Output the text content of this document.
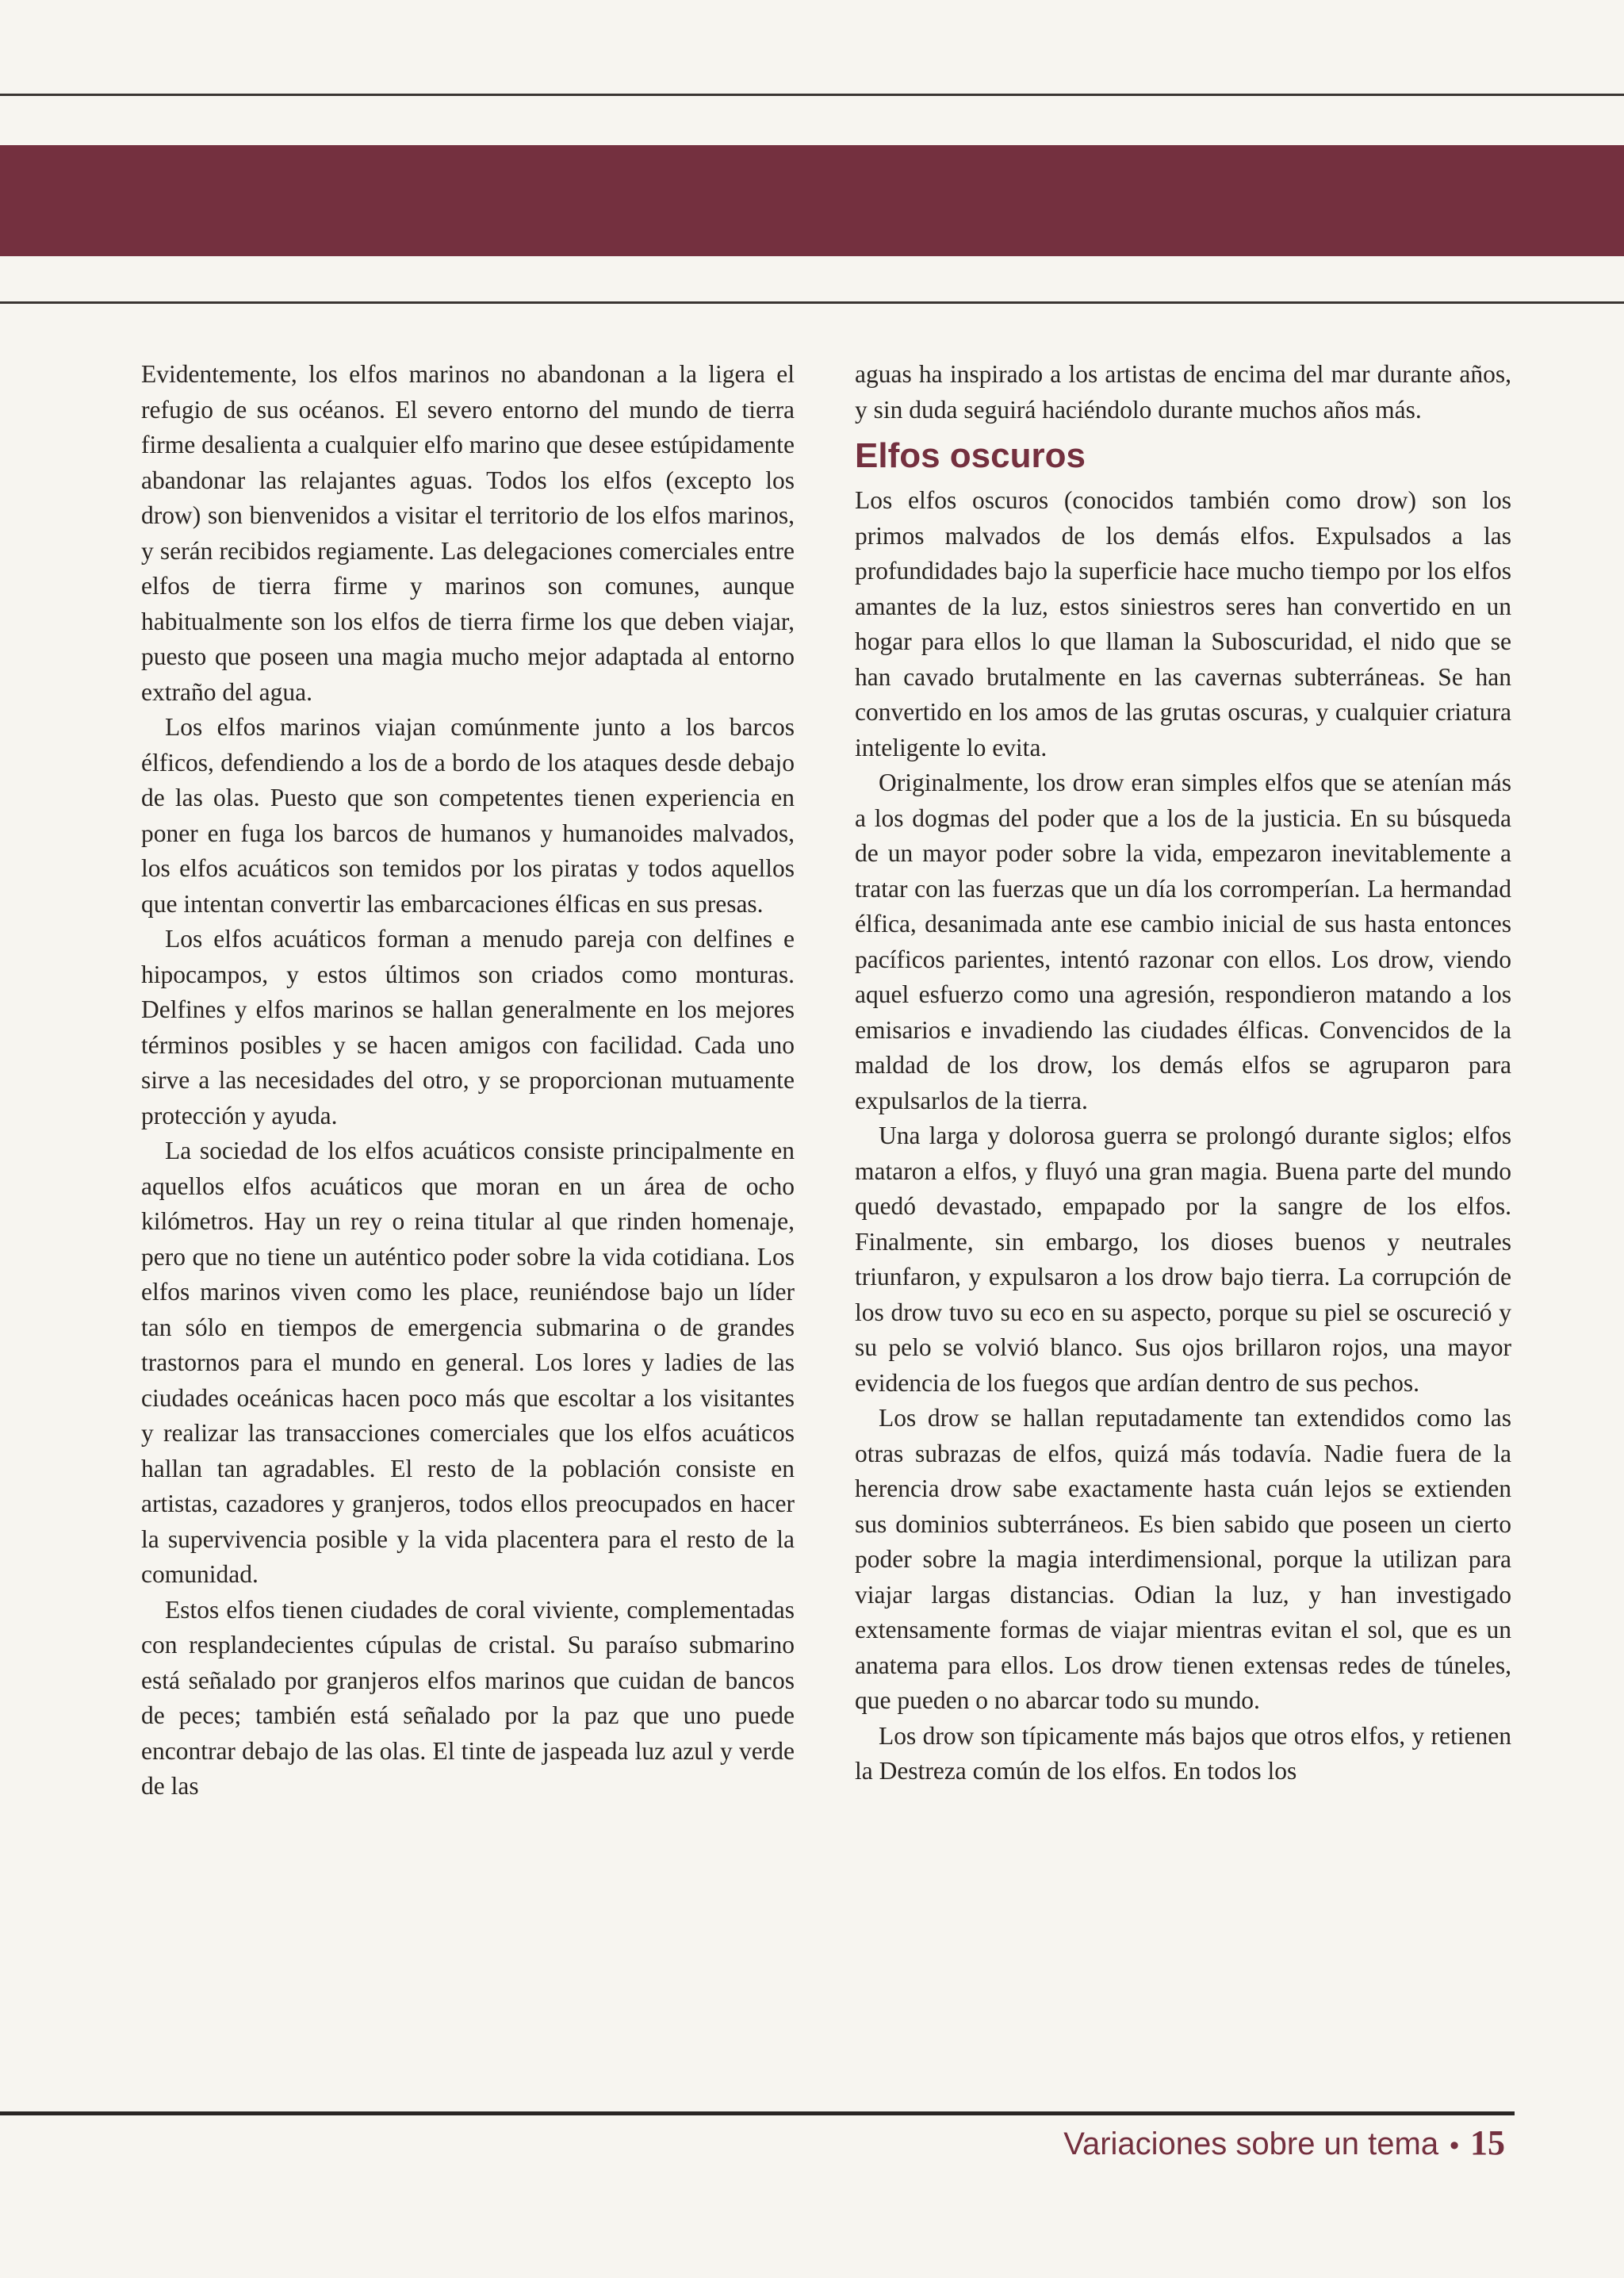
Evidentemente, los elfos marinos no abandonan a la ligera el refugio de sus océanos. El severo entorno del mundo de tierra firme desalienta a cualquier elfo marino que desee estúpidamente abandonar las relajantes aguas. Todos los elfos (excepto los drow) son bienvenidos a visitar el territorio de los elfos marinos, y serán recibidos regiamente. Las delegaciones comerciales entre elfos de tierra firme y marinos son comunes, aunque habitualmente son los elfos de tierra firme los que deben viajar, puesto que poseen una magia mucho mejor adaptada al entorno extraño del agua.

Los elfos marinos viajan comúnmente junto a los barcos élficos, defendiendo a los de a bordo de los ataques desde debajo de las olas. Puesto que son competentes tienen experiencia en poner en fuga los barcos de humanos y humanoides malvados, los elfos acuáticos son temidos por los piratas y todos aquellos que intentan convertir las embarcaciones élficas en sus presas.

Los elfos acuáticos forman a menudo pareja con delfines e hipocampos, y estos últimos son criados como monturas. Delfines y elfos marinos se hallan generalmente en los mejores términos posibles y se hacen amigos con facilidad. Cada uno sirve a las necesidades del otro, y se proporcionan mutuamente protección y ayuda.

La sociedad de los elfos acuáticos consiste principalmente en aquellos elfos acuáticos que moran en un área de ocho kilómetros. Hay un rey o reina titular al que rinden homenaje, pero que no tiene un auténtico poder sobre la vida cotidiana. Los elfos marinos viven como les place, reuniéndose bajo un líder tan sólo en tiempos de emergencia submarina o de grandes trastornos para el mundo en general. Los lores y ladies de las ciudades oceánicas hacen poco más que escoltar a los visitantes y realizar las transacciones comerciales que los elfos acuáticos hallan tan agradables. El resto de la población consiste en artistas, cazadores y granjeros, todos ellos preocupados en hacer la supervivencia posible y la vida placentera para el resto de la comunidad.

Estos elfos tienen ciudades de coral viviente, complementadas con resplandecientes cúpulas de cristal. Su paraíso submarino está señalado por granjeros elfos marinos que cuidan de bancos de peces; también está señalado por la paz que uno puede encontrar debajo de las olas. El tinte de jaspeada luz azul y verde de las

aguas ha inspirado a los artistas de encima del mar durante años, y sin duda seguirá haciéndolo durante muchos años más.

Elfos oscuros

Los elfos oscuros (conocidos también como drow) son los primos malvados de los demás elfos. Expulsados a las profundidades bajo la superficie hace mucho tiempo por los elfos amantes de la luz, estos siniestros seres han convertido en un hogar para ellos lo que llaman la Suboscuridad, el nido que se han cavado brutalmente en las cavernas subterráneas. Se han convertido en los amos de las grutas oscuras, y cualquier criatura inteligente lo evita.

Originalmente, los drow eran simples elfos que se atenían más a los dogmas del poder que a los de la justicia. En su búsqueda de un mayor poder sobre la vida, empezaron inevitablemente a tratar con las fuerzas que un día los corromperían. La hermandad élfica, desanimada ante ese cambio inicial de sus hasta entonces pacíficos parientes, intentó razonar con ellos. Los drow, viendo aquel esfuerzo como una agresión, respondieron matando a los emisarios e invadiendo las ciudades élficas. Convencidos de la maldad de los drow, los demás elfos se agruparon para expulsarlos de la tierra.

Una larga y dolorosa guerra se prolongó durante siglos; elfos mataron a elfos, y fluyó una gran magia. Buena parte del mundo quedó devastado, empapado por la sangre de los elfos. Finalmente, sin embargo, los dioses buenos y neutrales triunfaron, y expulsaron a los drow bajo tierra. La corrupción de los drow tuvo su eco en su aspecto, porque su piel se oscureció y su pelo se volvió blanco. Sus ojos brillaron rojos, una mayor evidencia de los fuegos que ardían dentro de sus pechos.

Los drow se hallan reputadamente tan extendidos como las otras subrazas de elfos, quizá más todavía. Nadie fuera de la herencia drow sabe exactamente hasta cuán lejos se extienden sus dominios subterráneos. Es bien sabido que poseen un cierto poder sobre la magia interdimensional, porque la utilizan para viajar largas distancias. Odian la luz, y han investigado extensamente formas de viajar mientras evitan el sol, que es un anatema para ellos. Los drow tienen extensas redes de túneles, que pueden o no abarcar todo su mundo.

Los drow son típicamente más bajos que otros elfos, y retienen la Destreza común de los elfos. En todos los

Variaciones sobre un tema • 15
